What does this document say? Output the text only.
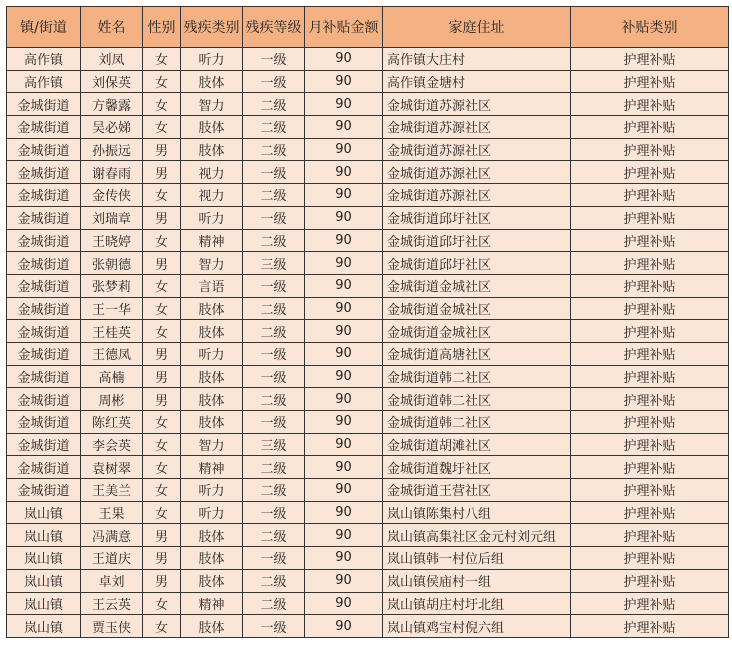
镇/街道	姓名	性别	残疾类别	残疾等级	月补贴金额	家庭住址	补贴类别
高作镇	刘凤	女	听力	一级	90	高作镇大庄村	护理补贴
高作镇	刘保英	女	肢体	一级	90	高作镇金塘村	护理补贴
金城街道	方馨露	女	智力	二级	90	金城街道苏源社区	护理补贴
金城街道	吴必娣	女	肢体	二级	90	金城街道苏源社区	护理补贴
金城街道	孙振远	男	肢体	二级	90	金城街道苏源社区	护理补贴
金城街道	谢春雨	男	视力	一级	90	金城街道苏源社区	护理补贴
金城街道	金传侠	女	视力	二级	90	金城街道苏源社区	护理补贴
金城街道	刘瑞章	男	听力	一级	90	金城街道邱圩社区	护理补贴
金城街道	王晓婷	女	精神	二级	90	金城街道邱圩社区	护理补贴
金城街道	张朝德	男	智力	三级	90	金城街道邱圩社区	护理补贴
金城街道	张梦莉	女	言语	一级	90	金城街道金城社区	护理补贴
金城街道	王一华	女	肢体	二级	90	金城街道金城社区	护理补贴
金城街道	王桂英	女	肢体	二级	90	金城街道金城社区	护理补贴
金城街道	王德凤	男	听力	一级	90	金城街道高塘社区	护理补贴
金城街道	高楠	男	肢体	一级	90	金城街道韩二社区	护理补贴
金城街道	周彬	男	肢体	二级	90	金城街道韩二社区	护理补贴
金城街道	陈红英	女	肢体	一级	90	金城街道韩二社区	护理补贴
金城街道	李会英	女	智力	三级	90	金城街道胡滩社区	护理补贴
金城街道	袁树翠	女	精神	二级	90	金城街道魏圩社区	护理补贴
金城街道	王美兰	女	听力	二级	90	金城街道王营社区	护理补贴
岚山镇	王果	女	听力	一级	90	岚山镇陈集村八组	护理补贴
岚山镇	冯满意	男	肢体	二级	90	岚山镇高集社区金元村刘元组	护理补贴
岚山镇	王道庆	男	肢体	一级	90	岚山镇韩一村位后组	护理补贴
岚山镇	卓刘	男	肢体	二级	90	岚山镇侯庙村一组	护理补贴
岚山镇	王云英	女	精神	二级	90	岚山镇胡庄村圩北组	护理补贴
岚山镇	贾玉侠	女	肢体	一级	90	岚山镇鸡宝村倪六组	护理补贴
